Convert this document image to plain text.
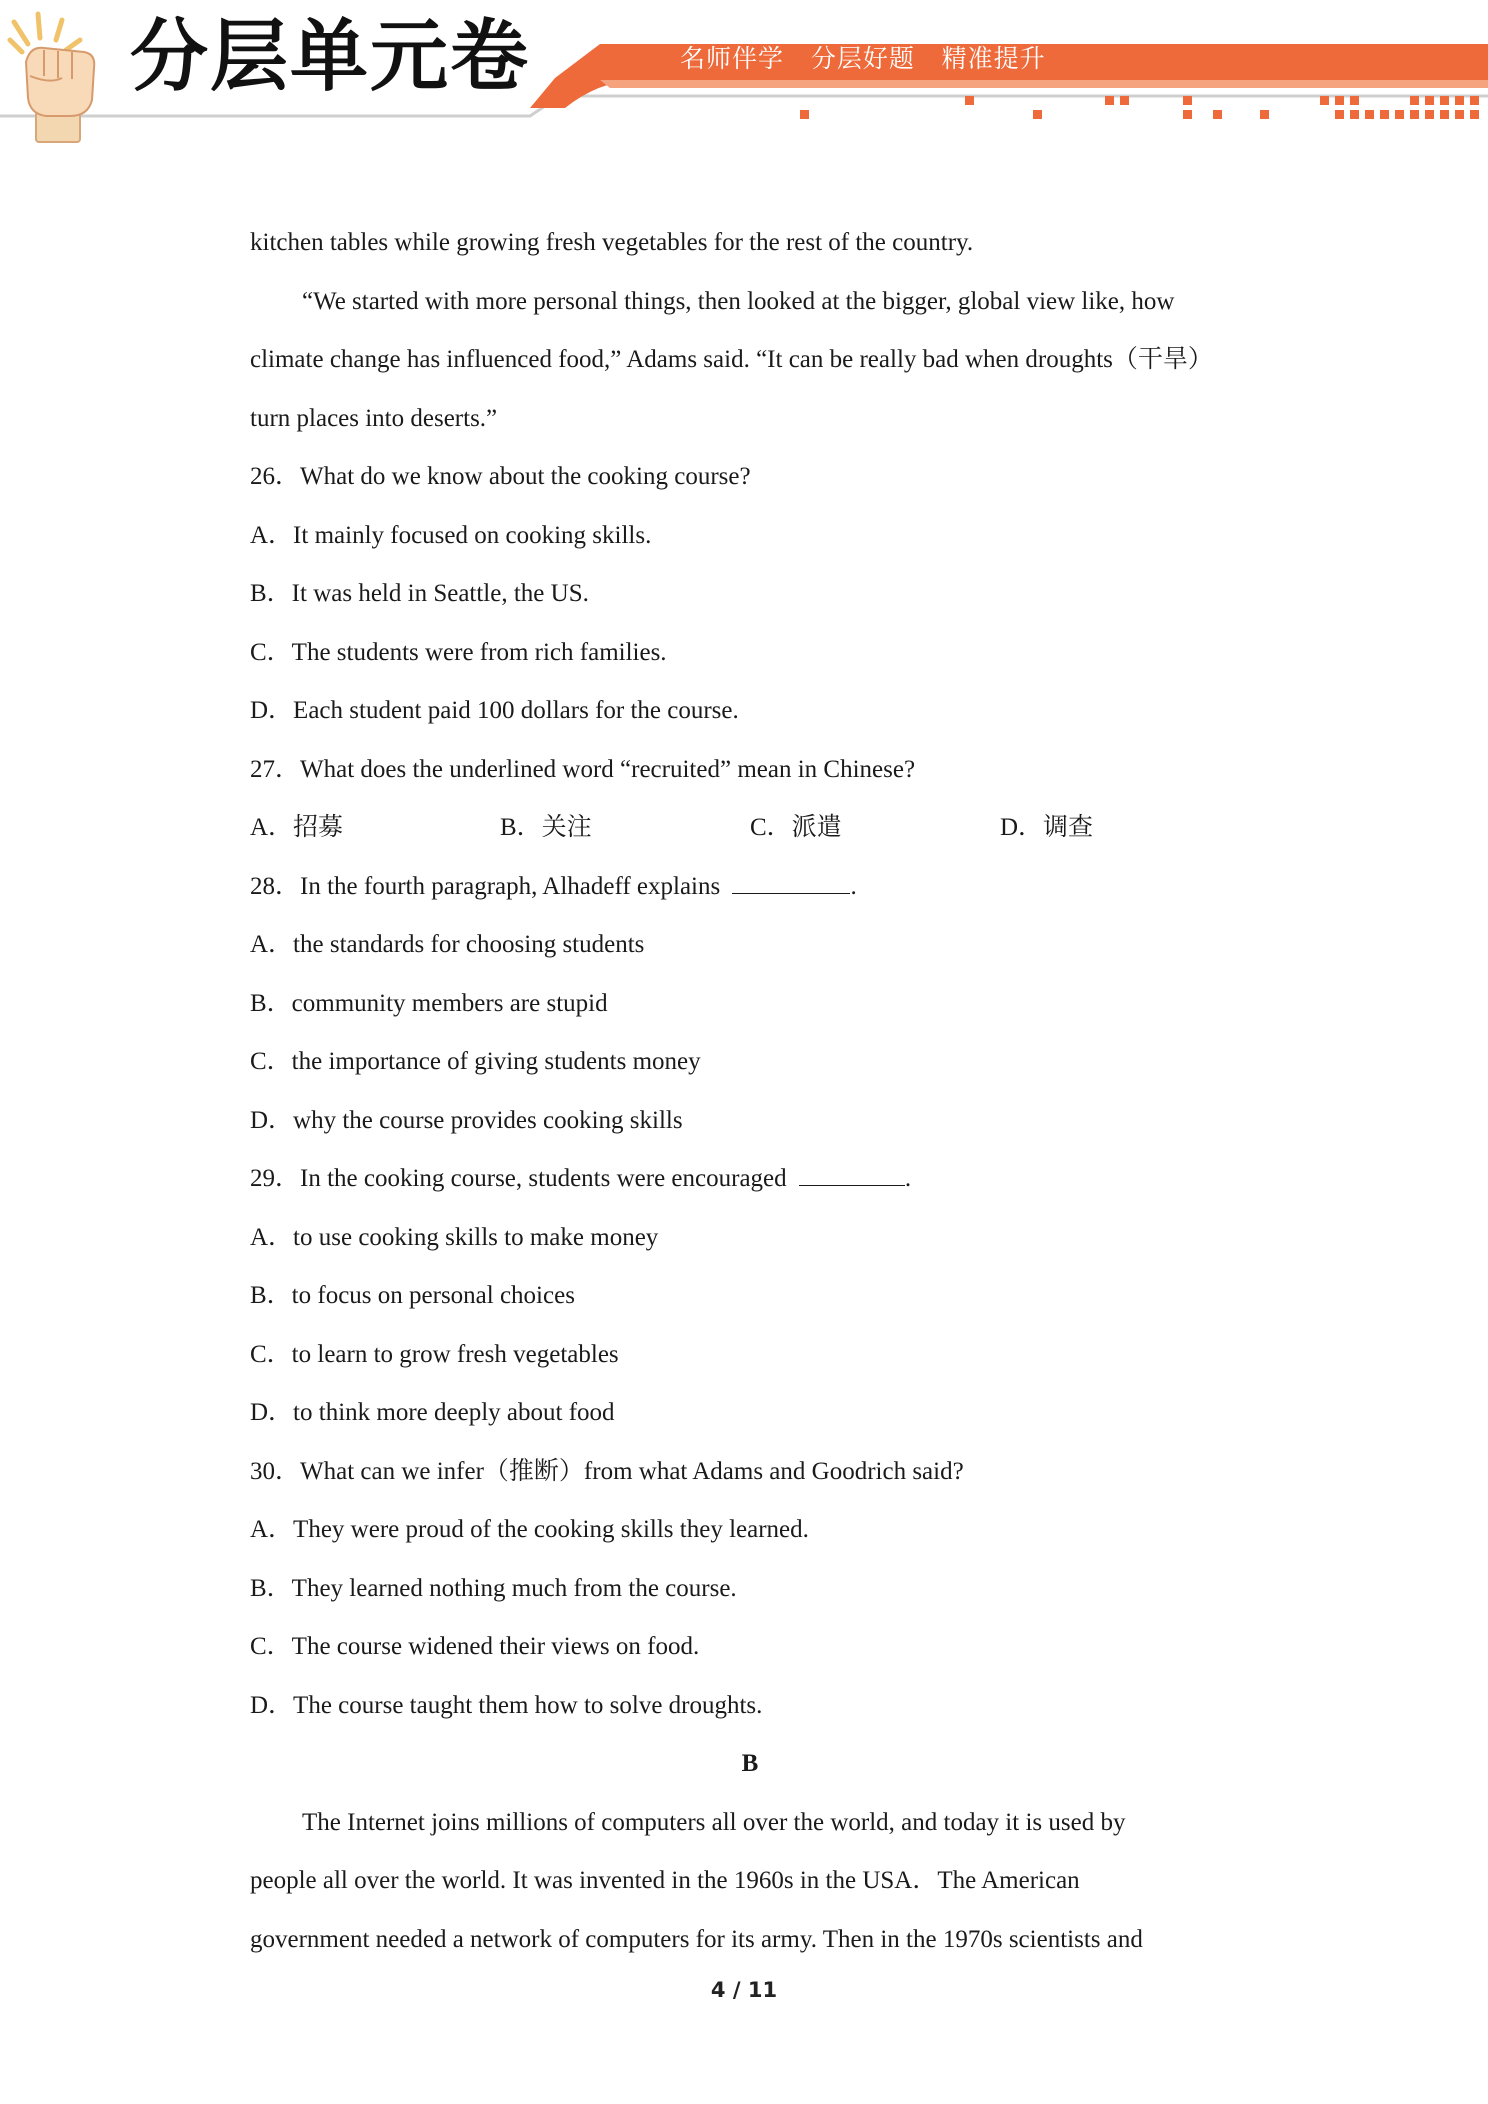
分层单元卷	名师伴学   分层好题   精准提升
kitchen tables while growing fresh vegetables for the rest of the country.
“We started with more personal things, then looked at the bigger, global view like, how
climate change has influenced food,” Adams said. “It can be really bad when droughts（干旱）
turn places into deserts.”
26．What do we know about the cooking course?
A．It mainly focused on cooking skills.
B．It was held in Seattle, the US.
C．The students were from rich families.
D．Each student paid 100 dollars for the course.
27．What does the underlined word “recruited” mean in Chinese?
A．招募	B．关注	C．派遣	D．调查
28．In the fourth paragraph, Alhadeff explains	.
A．the standards for choosing students
B．community members are stupid
C．the importance of giving students money
D．why the course provides cooking skills
29．In the cooking course, students were encouraged	.
A．to use cooking skills to make money
B．to focus on personal choices
C．to learn to grow fresh vegetables
D．to think more deeply about food
30．What can we infer（推断）from what Adams and Goodrich said?
A．They were proud of the cooking skills they learned.
B．They learned nothing much from the course.
C．The course widened their views on food.
D．The course taught them how to solve droughts.
B
The Internet joins millions of computers all over the world, and today it is used by
people all over the world. It was invented in the 1960s in the USA．The American
government needed a network of computers for its army. Then in the 1970s scientists and
4 / 11
